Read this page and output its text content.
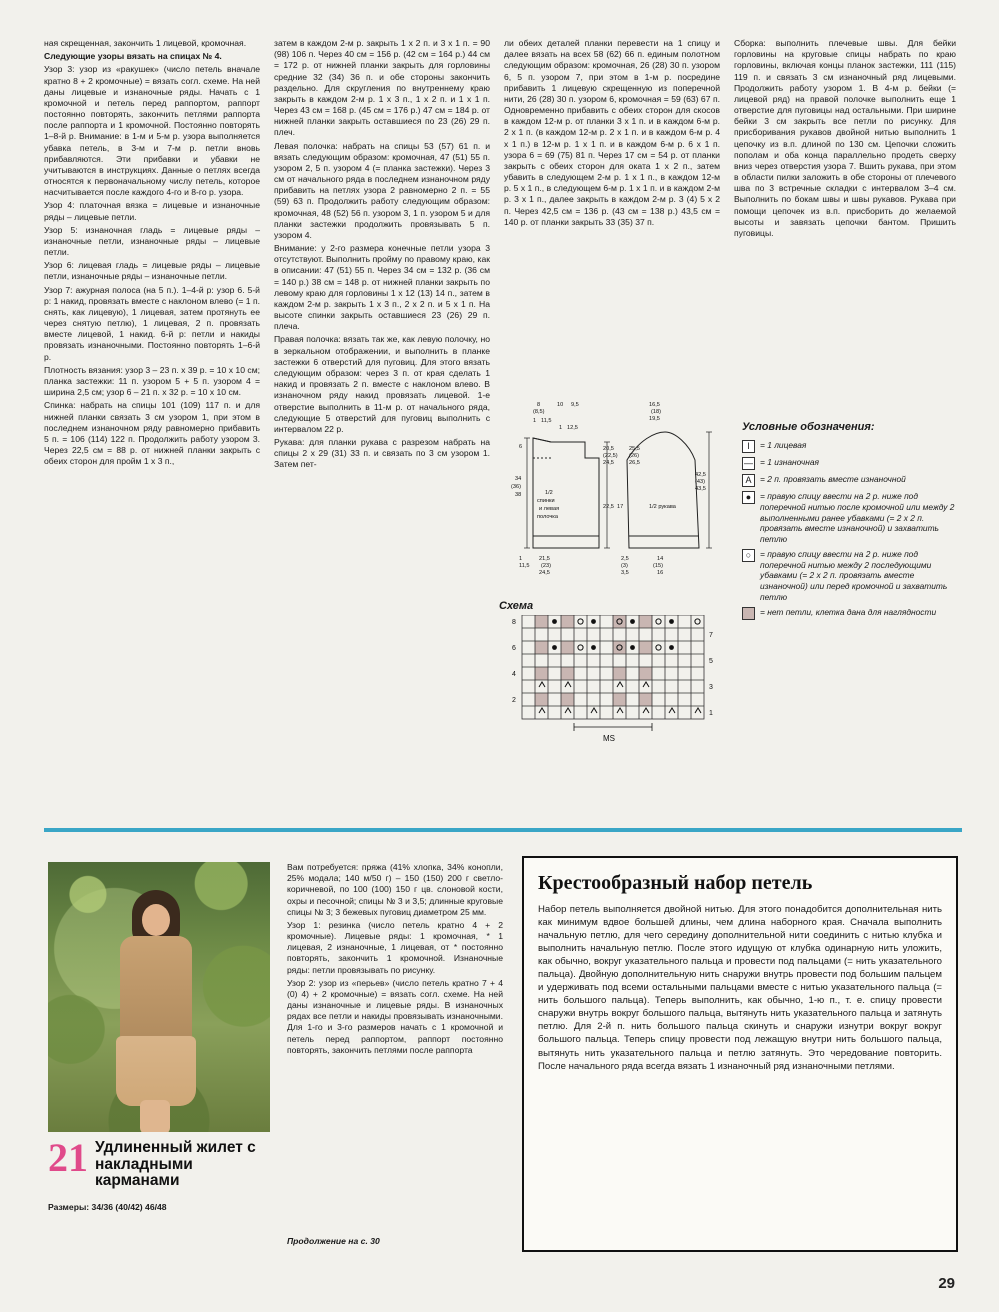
ная скрещенная, закончить 1 лицевой, кромочная.

Следующие узоры вязать на спицах № 4.

Узор 3: узор из «ракушек» (число петель вначале кратно 8 + 2 кромочные) = вязать согл. схеме. На ней даны лицевые и изнаночные ряды. Начать с 1 кромочной и петель перед раппортом, раппорт постоянно повторять, закончить петлями раппорта после раппорта и 1 кромочной. Постоянно повторять 1–8-й р. Внимание: в 1-м и 5-м р. узора выполняется убавка петель, в 3-м и 7-м р. петли вновь прибавляются. Эти прибавки и убавки не учитываются в инструкциях. Данные о петлях всегда относятся к первоначальному числу петель, которое насчитывается после каждого 4-го и 8-го р. узора.

Узор 4: платочная вязка = лицевые и изнаночные ряды – лицевые петли.

Узор 5: изнаночная гладь = лицевые ряды – изнаночные петли, изнаночные ряды – лицевые петли.

Узор 6: лицевая гладь = лицевые ряды – лицевые петли, изнаночные ряды – изнаночные петли.

Узор 7: ажурная полоса (на 5 п.). 1–4-й р: узор 6. 5-й р: 1 накид, провязать вместе с наклоном влево (= 1 п. снять, как лицевую), 1 лицевая, затем протянуть ее через снятую петлю), 1 лицевая, 2 п. провязать вместе лицевой, 1 накид. 6-й р: петли и накиды провязать изнаночными. Постоянно повторять 1–6-й р.

Плотность вязания: узор 3 – 23 п. х 39 р. = 10 х 10 см; планка застежки: 11 п. узором 5 + 5 п. узором 4 = ширина 2,5 см; узор 6 – 21 п. х 32 р. = 10 х 10 см.

Спинка: набрать на спицы 101 (109) 117 п. и для нижней планки связать 3 см узором 1, при этом в последнем изнаночном ряду равномерно прибавить 5 п. = 106 (114) 122 п. Продолжить работу узором 3. Через 22,5 см = 88 р. от нижней планки закрыть с обеих сторон для пройм 1 х 3 п.,

затем в каждом 2-м р. закрыть 1 х 2 п. и 3 х 1 п. = 90 (98) 106 п. Через 40 см = 156 р. (42 см = 164 р.) 44 см = 172 р. от нижней планки закрыть для горловины средние 32 (34) 36 п. и обе стороны закончить раздельно. Для скругления по внутреннему краю закрыть в каждом 2-м р. 1 х 3 п., 1 х 2 п. и 1 х 1 п. Через 43 см = 168 р. (45 см = 176 р.) 47 см = 184 р. от нижней планки закрыть оставшиеся по 23 (26) 29 п. плеч.

Левая полочка: набрать на спицы 53 (57) 61 п. и вязать следующим образом: кромочная, 47 (51) 55 п. узором 2, 5 п. узором 4 (= планка застежки). Через 3 см от начального ряда в последнем изнаночном ряду прибавить на петлях узора 2 равномерно 2 п. = 55 (59) 63 п. Продолжить работу следующим образом: кромочная, 48 (52) 56 п. узором 3, 1 п. узором 5 и для планки застежки продолжить провязывать 5 п. узором 4.

Внимание: у 2-го размера конечные петли узора 3 отсутствуют. Выполнить пройму по правому краю, как в описании: 47 (51) 55 п. Через 34 см = 132 р. (36 см = 140 р.) 38 см = 148 р. от нижней планки закрыть по левому краю для горловины 1 х 12 (13) 14 п., затем в каждом 2-м р. закрыть 1 х 3 п., 2 х 2 п. и 5 х 1 п. На высоте спинки закрыть оставшиеся 23 (26) 29 п. плеча.

Правая полочка: вязать так же, как левую полочку, но в зеркальном отображении, и выполнить в планке застежки 6 отверстий для пуговиц. Для этого вязать следующим образом: через 3 п. от края сделать 1 накид и провязать 2 п. вместе с наклоном влево. В изнаночном ряду накид провязать лицевой. 1-е отверстие выполнить в 11-м р. от начального ряда, следующие 5 отверстий для пуговиц выполнить с интервалом 22 р.

Рукава: для планки рукава с разрезом набрать на спицы 2 х 29 (31) 33 п. и связать по 3 см узором 1. Затем пет-

ли обеих деталей планки перевести на 1 спицу и далее вязать на всех 58 (62) 66 п. единым полотном следующим образом: кромочная, 26 (28) 30 п. узором 6, 5 п. узором 7, при этом в 1-м р. посредине прибавить 1 лицевую скрещенную из поперечной нити, 26 (28) 30 п. узором 6, кромочная = 59 (63) 67 п. Одновременно прибавить с обеих сторон для скосов в каждом 12-м р. от планки 3 х 1 п. и в каждом 6-м р. 2 х 1 п. (в каждом 12-м р. 2 х 1 п. и в каждом 6-м р. 4 х 1 п.) в 12-м р. 1 х 1 п. и в каждом 6-м р. 6 х 1 п. узора 6 = 69 (75) 81 п. Через 17 см = 54 р. от планки закрыть с обеих сторон для оката 1 х 2 п., затем убавить в следующем 2-м р. 1 х 1 п., в каждом 12-м р. 5 х 1 п., в следующем 6-м р. 1 х 1 п. и в каждом 2-м р. 3 х 1 п., далее закрыть в каждом 2-м р. 3 (4) 5 х 2 п. Через 42,5 см = 136 р. (43 см = 138 р.) 43,5 см = 140 р. от планки закрыть 33 (35) 37 п.

Сборка: выполнить плечевые швы. Для бейки горловины на круговые спицы набрать по краю горловины, включая концы планок застежки, 111 (115) 119 п. и связать 3 см изнаночный ряд лицевыми. Продолжить работу узором 1. В 4-м р. бейки (= лицевой ряд) на правой полочке выполнить еще 1 отверстие для пуговицы над остальными. При ширине бейки 3 см закрыть все петли по рисунку. Для присборивания рукавов двойной нитью выполнить 1 цепочку из в.п. длиной по 130 см. Цепочки сложить пополам и оба конца параллельно продеть сверху вниз через отверстия узора 7. Вшить рукава, при этом в области пилки заложить в обе стороны от плечевого шва по 3 встречные складки с интервалом 3–4 см. Выполнить по бокам швы и швы рукавов. Рукава при помощи цепочек из в.п. присборить до желаемой высоты и завязать цепочки бантом. Пришить пуговицы.

8
(8,5)
10 9,5
1 11,5
1 12,5
16,5
(18)
19,5
20,5
(22,5)
24,5
25,5
(26)
26,5
42,5
(43)
43,5
34
(36)
38
6
1/2
спинки
и левая
полочка
22,5 17	1/2 рукава
21,5
(23)
24,5
1
11,5
2,5
(3)
3,5
14
(15)
16
Схема
8
6
4
2
7
5
3
1
MS
Условные обозначения:
I	= 1 лицевая
— = 1 изнаночная
A	= 2 п. провязать вместе изнаночной
●	= правую спицу ввести на 2 р. ниже под поперечной нитью после кромочной или между 2 выполненными ранее убавками (= 2 х 2 п. провязать вместе изнаночной) и захватить петлю
○	= правую спицу ввести на 2 р. ниже под поперечной нитью между 2 последующими убавками (= 2 х 2 п. провязать вместе изнаночной) или перед кромочной и захватить петлю
= нет петли, клетка дана для наглядности
21 Удлиненный жилет с накладными карманами
Размеры: 34/36 (40/42) 46/48

Вам потребуется: пряжа (41% хлопка, 34% конопли, 25% модала; 140 м/50 г) – 150 (150) 200 г светло-коричневой, по 100 (100) 150 г цв. слоновой кости, охры и песочной; спицы № 3 и 3,5; длинные круговые спицы № 3; 3 бежевых пуговиц диаметром 25 мм.

Узор 1: резинка (число петель кратно 4 + 2 кромочные). Лицевые ряды: 1 кромочная, * 1 лицевая, 2 изнаночные, 1 лицевая, от * постоянно повторять, закончить 1 кромочной. Изнаночные ряды: петли провязывать по рисунку.

Узор 2: узор из «перьев» (число петель кратно 7 + 4 (0) 4) + 2 кромочные) = вязать согл. схеме. На ней даны изнаночные и лицевые ряды. В изнаночных рядах все петли и накиды провязывать изнаночными. Для 1-го и 3-го размеров начать с 1 кромочной и петель перед раппортом, раппорт постоянно повторять, закончить петлями после раппорта

Продолжение на с. 30
Крестообразный набор петель

Набор петель выполняется двойной нитью. Для этого понадобится дополнительная нить как минимум вдвое большей длины, чем длина наборного края. Сначала выполнить начальную петлю, для чего середину дополнительной нити соединить с нитью клубка и выполнить начальную петлю. После этого идущую от клубка одинарную нить уложить, как обычно, вокруг указательного пальца и провести под пальцами (= нить указательного пальца). Двойную дополнительную нить снаружи внутрь провести под большим пальцем и удерживать под всеми остальными пальцами вместе с нитью указательного пальца (= нить большого пальца). Теперь выполнить, как обычно, 1-ю п., т. е. спицу провести снаружи внутрь вокруг большого пальца, вытянуть нить указательного пальца и затянуть петлю. Для 2-й п. нить большого пальца скинуть и снаружи изнутри вокруг вокруг большого пальца. Теперь спицу провести под лежащую внутри нить большого пальца, вытянуть нить указательного пальца и петлю затянуть. Это чередование повторить. После начального ряда всегда вязать 1 изнаночный ряд изнаночными петлями.

29
